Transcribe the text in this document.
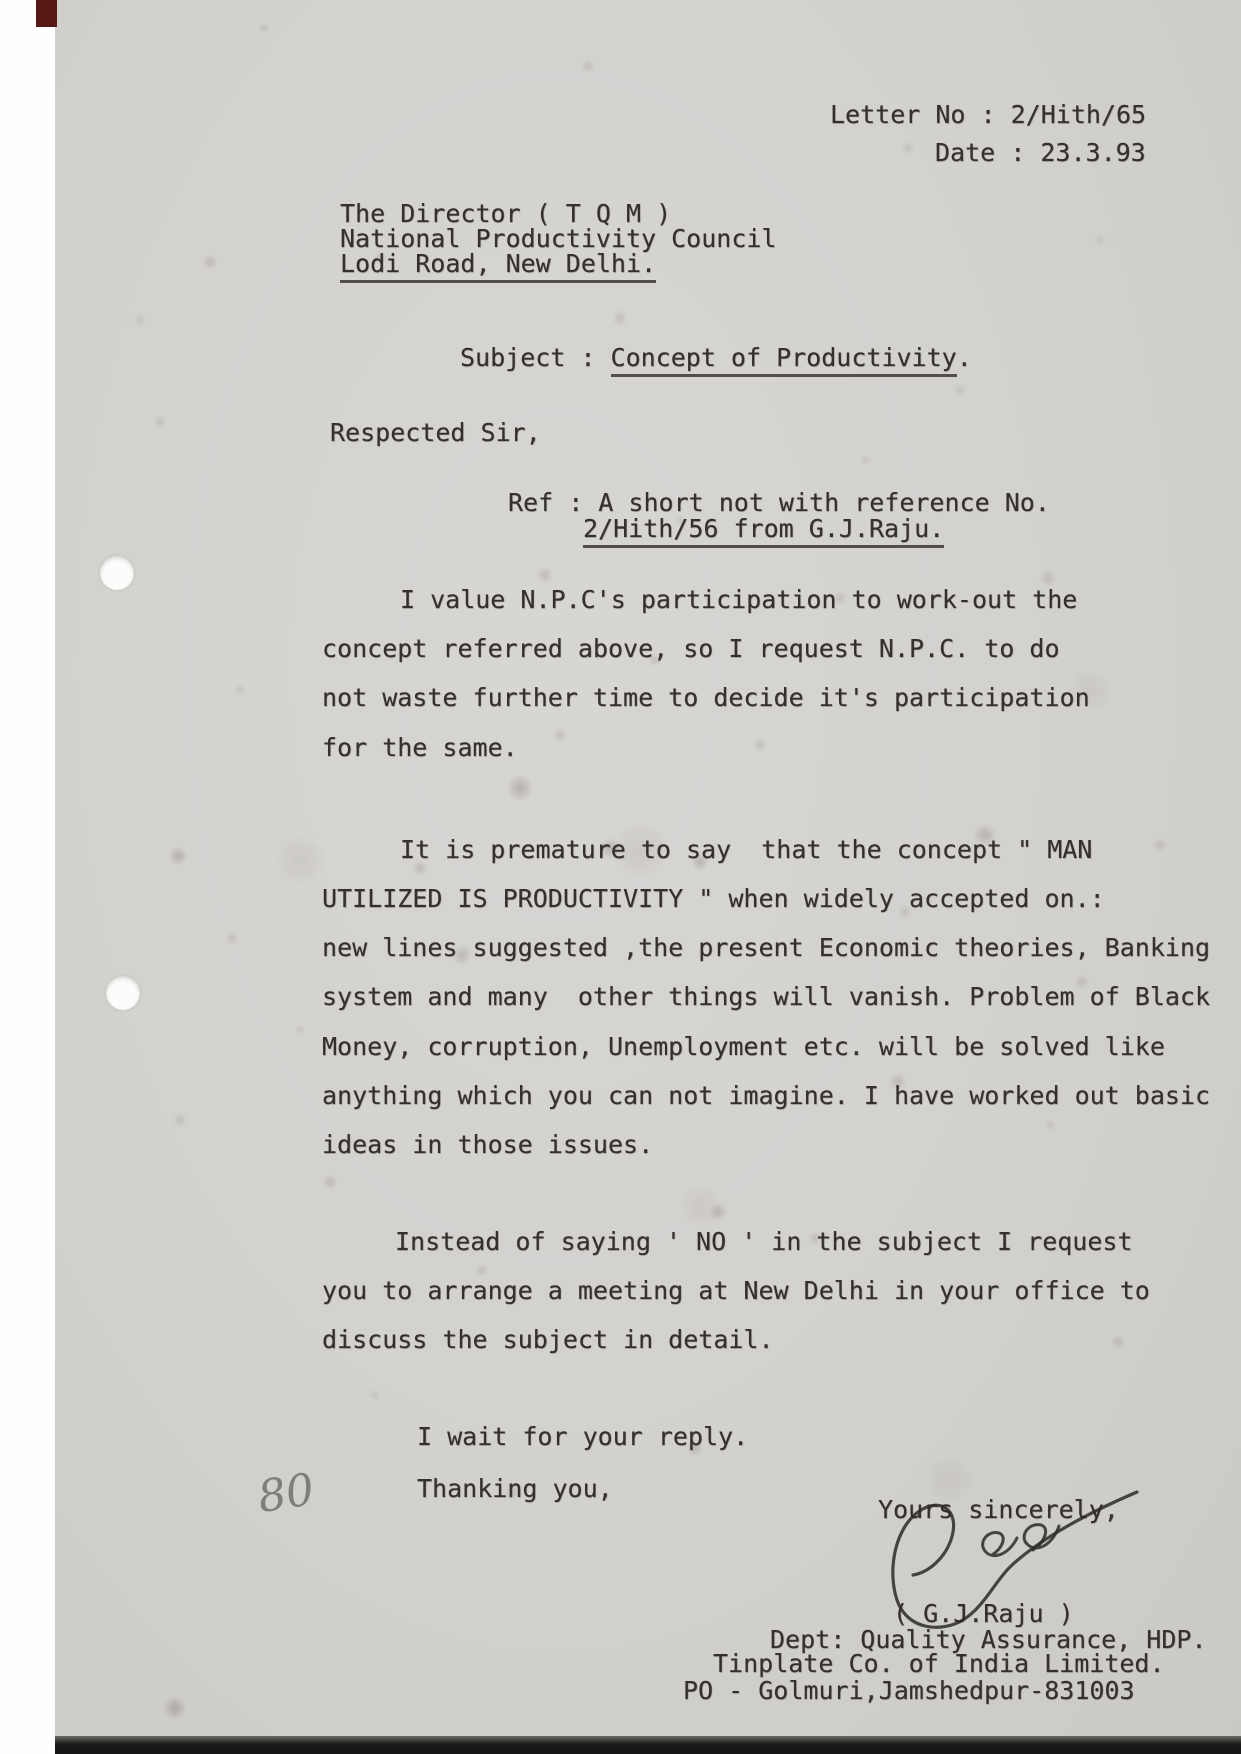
Letter No : 2/Hith/65
Date : 23.3.93
The Director ( T Q M )
National Productivity Council
Lodi Road, New Delhi.
Subject : Concept of Productivity.
Respected Sir,
Ref : A short not with reference No.
2/Hith/56 from G.J.Raju.
I value N.P.C's participation to work-out the
concept referred above, so I request N.P.C. to do
not waste further time to decide it's participation
for the same.
It is premature to say  that the concept " MAN
UTILIZED IS PRODUCTIVITY " when widely accepted on.:
new lines suggested ,the present Economic theories, Banking
system and many  other things will vanish. Problem of Black
Money, corruption, Unemployment etc. will be solved like
anything which you can not imagine. I have worked out basic
ideas in those issues.
Instead of saying ' NO ' in the subject I request
you to arrange a meeting at New Delhi in your office to
discuss the subject in detail.
I wait for your reply.
Thanking you,
Yours sincerely,
( G.J.Raju )
Dept: Quality Assurance, HDP.
Tinplate Co. of India Limited.
PO - Golmuri,Jamshedpur-831003
80
